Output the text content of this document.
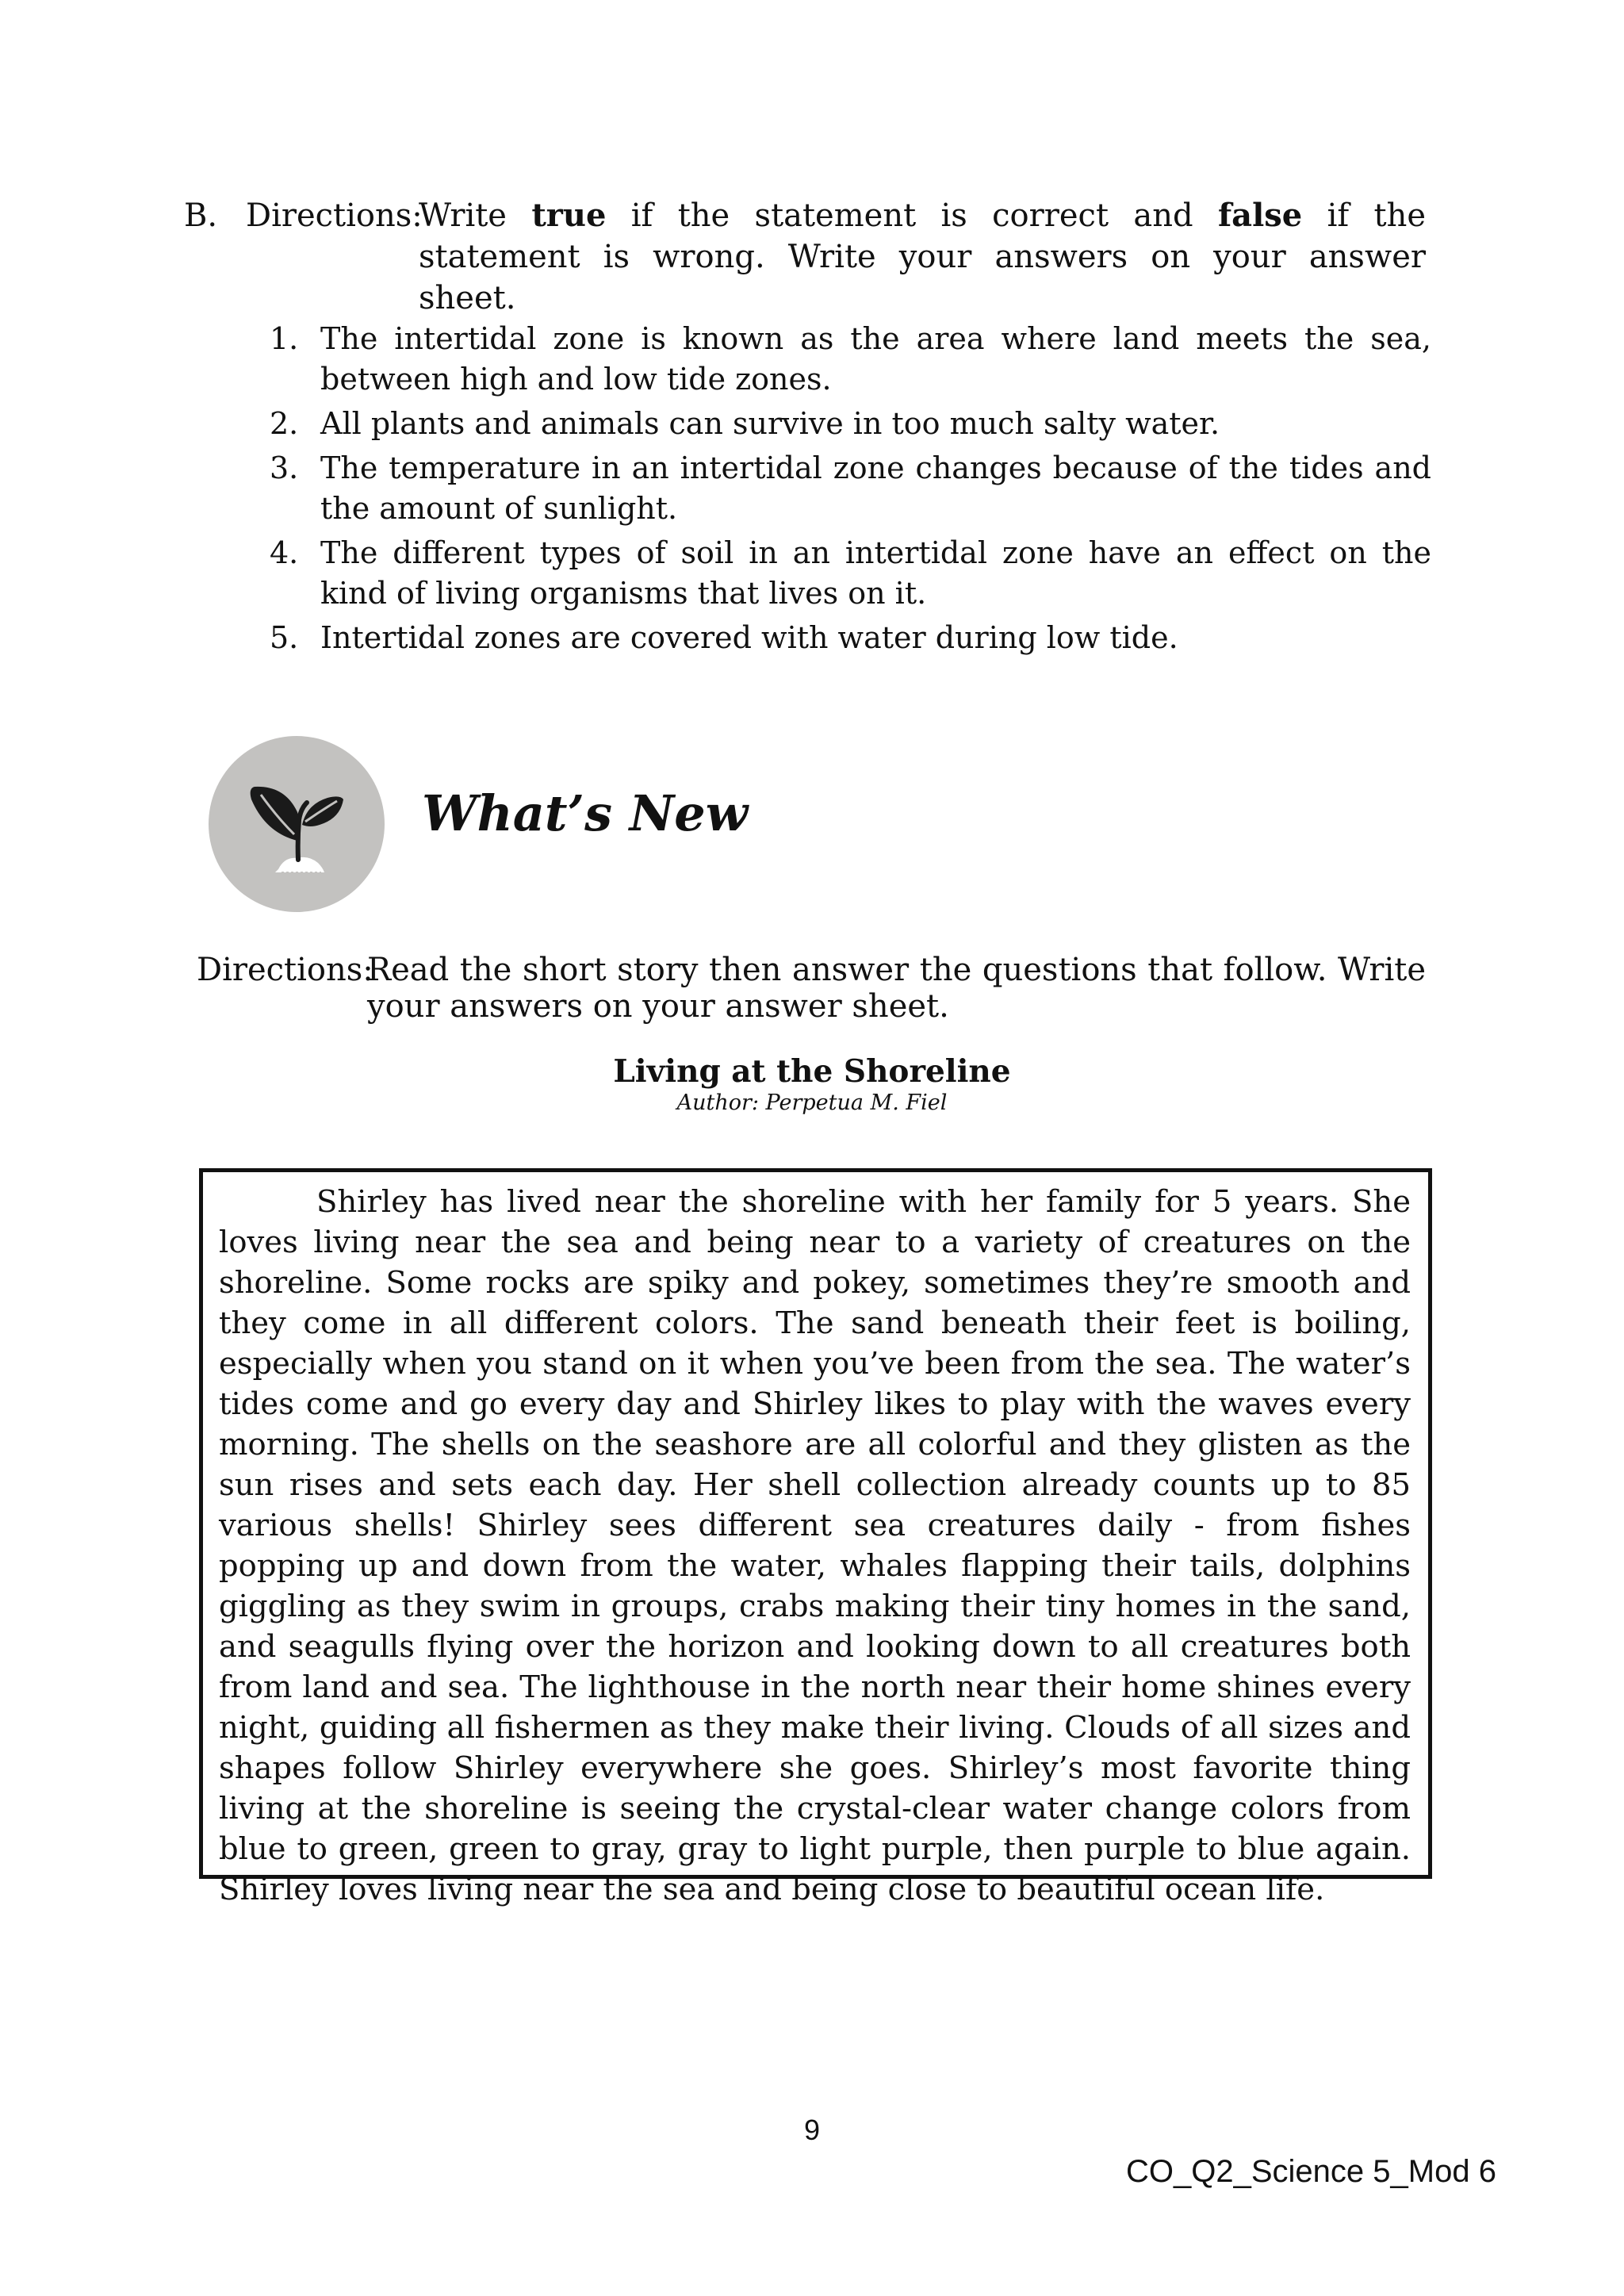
B. Directions:
Write true if the statement is correct and false if the statement is wrong. Write your answers on your answer sheet.
1. The intertidal zone is known as the area where land meets the sea, between high and low tide zones.
2. All plants and animals can survive in too much salty water.
3. The temperature in an intertidal zone changes because of the tides and the amount of sunlight.
4. The different types of soil in an intertidal zone have an effect on the kind of living organisms that lives on it.
5. Intertidal zones are covered with water during low tide.
What’s New
Directions:
Read the short story then answer the questions that follow. Write your answers on your answer sheet.
Living at the Shoreline
Author: Perpetua M. Fiel

Shirley has lived near the shoreline with her family for 5 years. She loves living near the sea and being near to a variety of creatures on the shoreline. Some rocks are spiky and pokey, sometimes they’re smooth and they come in all different colors. The sand beneath their feet is boiling, especially when you stand on it when you’ve been from the sea. The water’s tides come and go every day and Shirley likes to play with the waves every morning. The shells on the seashore are all colorful and they glisten as the sun rises and sets each day. Her shell collection already counts up to 85 various shells! Shirley sees different sea creatures daily - from fishes popping up and down from the water, whales flapping their tails, dolphins giggling as they swim in groups, crabs making their tiny homes in the sand, and seagulls flying over the horizon and looking down to all creatures both from land and sea. The lighthouse in the north near their home shines every night, guiding all fishermen as they make their living. Clouds of all sizes and shapes follow Shirley everywhere she goes. Shirley’s most favorite thing living at the shoreline is seeing the crystal-clear water change colors from blue to green, green to gray, gray to light purple, then purple to blue again. Shirley loves living near the sea and being close to beautiful ocean life.

9
CO_Q2_Science 5_Mod 6
